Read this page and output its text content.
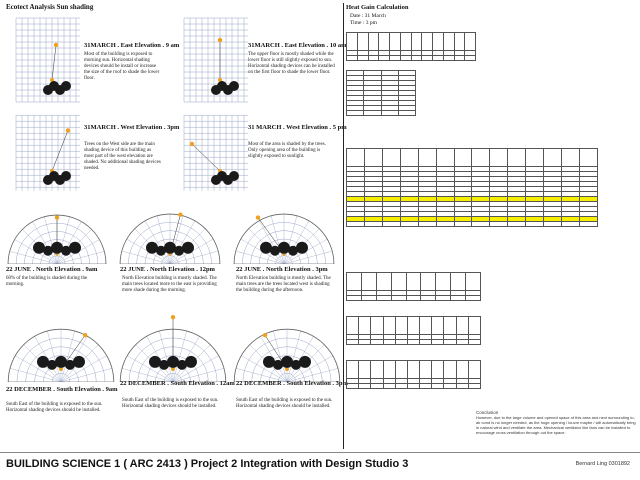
Ecotect Analysis Sun shading
31MARCH . East Elevation . 9 am
Most of the building is exposed to morning sun. Horizontal shading devices should be install or increase the size of the roof to shade the lower floor.
31MARCH . East Elevation . 10 am
The upper floor is mostly shaded while the lower floor is still slightly exposed to sun. Horizontal shading devices can be installed on the first floor to shade the lower floor.
31MARCH . West Elevation . 3pm
Trees on the West side are the main shading device of this building as most part of the west elevation are shaded. No additional shading devices needed.
31 MARCH . West Elevation . 5 pm
Most of the area is shaded by the trees. Only opening area of the building is slightly exposed to sunlight.
22 JUNE . North Elevation . 9am
60% of the building is shaded during the morning.
22 JUNE . North Elevation . 12pm
North Elevation building is mostly shaded. The main trees located more to the east is providing more shade during the morning.
22 JUNE . North Elevation . 3pm
North Elevation building is mostly shaded. The main trees are the trees located west is shading the building during the afternoon.
22 DECEMBER . South Elevation . 9am
South East of the building is exposed to the sun. Horizontal shading devices should be installed.
22 DECEMBER . South Elevation . 12am
South East of the building is exposed to the sun. Horizontal shading devices should be installed.
22 DECEMBER . South Elevation . 3pm
South East of the building is exposed to the sun. Horizontal shading devices should be installed.
Heat Gain Calculation
Date : 31 March
Time : 3 pm

Conclusion
However, due to the large volume and opened space of this area and next surrounding to, air cond is no longer needed, as the huge opening / louvre maybe / will automatically bring in natural wind and ventilate the area. Mechanical ventilator like fans can be installed to encourage cross ventilation through out the space.
BUILDING SCIENCE 1 ( ARC 2413 ) Project 2 Integration with Design Studio 3	Bernard Ling 0301892
